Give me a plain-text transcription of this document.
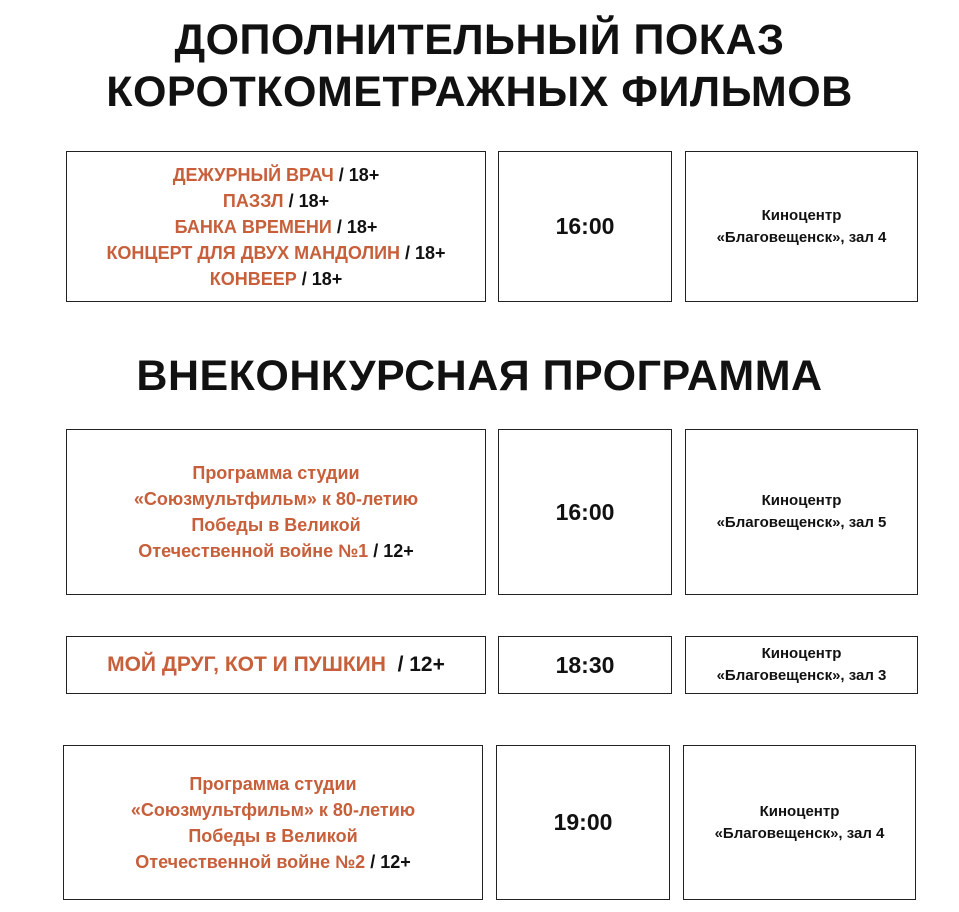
ДОПОЛНИТЕЛЬНЫЙ ПОКАЗ
КОРОТКОМЕТРАЖНЫХ ФИЛЬМОВ
ДЕЖУРНЫЙ ВРАЧ / 18+
ПАЗЗЛ / 18+
БАНКА ВРЕМЕНИ / 18+
КОНЦЕРТ ДЛЯ ДВУХ МАНДОЛИН / 18+
КОНВЕЕР / 18+
16:00	Киноцентр
«Благовещенск», зал 4
ВНЕКОНКУРСНАЯ ПРОГРАММА
Программа студии
«Союзмультфильм» к 80-летию
Победы в Великой
Отечественной войне №1 / 12+
16:00	Киноцентр
«Благовещенск», зал 5
МОЙ ДРУГ, КОТ И ПУШКИН  / 12+	18:30	Киноцентр
«Благовещенск», зал 3
Программа студии
«Союзмультфильм» к 80-летию
Победы в Великой
Отечественной войне №2 / 12+
19:00	Киноцентр
«Благовещенск», зал 4
